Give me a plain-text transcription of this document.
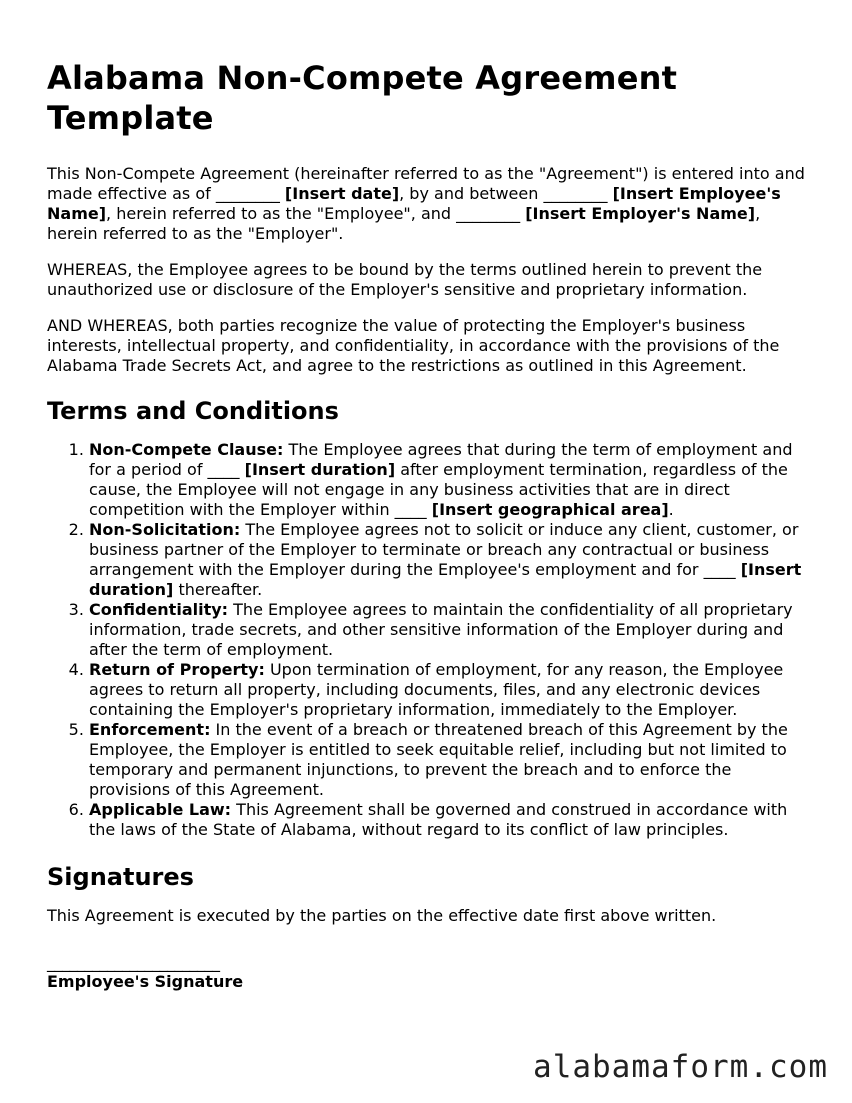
Alabama Non-Compete Agreement Template

This Non-Compete Agreement (hereinafter referred to as the "Agreement") is entered into and made effective as of ________ [Insert date], by and between ________ [Insert Employee's Name], herein referred to as the "Employee", and ________ [Insert Employer's Name], herein referred to as the "Employer".

WHEREAS, the Employee agrees to be bound by the terms outlined herein to prevent the unauthorized use or disclosure of the Employer's sensitive and proprietary information.

AND WHEREAS, both parties recognize the value of protecting the Employer's business interests, intellectual property, and confidentiality, in accordance with the provisions of the Alabama Trade Secrets Act, and agree to the restrictions as outlined in this Agreement.

Terms and Conditions
1. Non-Compete Clause: The Employee agrees that during the term of employment and for a period of ____ [Insert duration] after employment termination, regardless of the cause, the Employee will not engage in any business activities that are in direct competition with the Employer within ____ [Insert geographical area].
2. Non-Solicitation: The Employee agrees not to solicit or induce any client, customer, or business partner of the Employer to terminate or breach any contractual or business arrangement with the Employer during the Employee's employment and for ____ [Insert duration] thereafter.
3. Confidentiality: The Employee agrees to maintain the confidentiality of all proprietary information, trade secrets, and other sensitive information of the Employer during and after the term of employment.
4. Return of Property: Upon termination of employment, for any reason, the Employee agrees to return all property, including documents, files, and any electronic devices containing the Employer's proprietary information, immediately to the Employer.
5. Enforcement: In the event of a breach or threatened breach of this Agreement by the Employee, the Employer is entitled to seek equitable relief, including but not limited to temporary and permanent injunctions, to prevent the breach and to enforce the provisions of this Agreement.
6. Applicable Law: This Agreement shall be governed and construed in accordance with the laws of the State of Alabama, without regard to its conflict of law principles.
Signatures

This Agreement is executed by the parties on the effective date first above written.

_______________________
Employee's Signature
alabamaform.com
